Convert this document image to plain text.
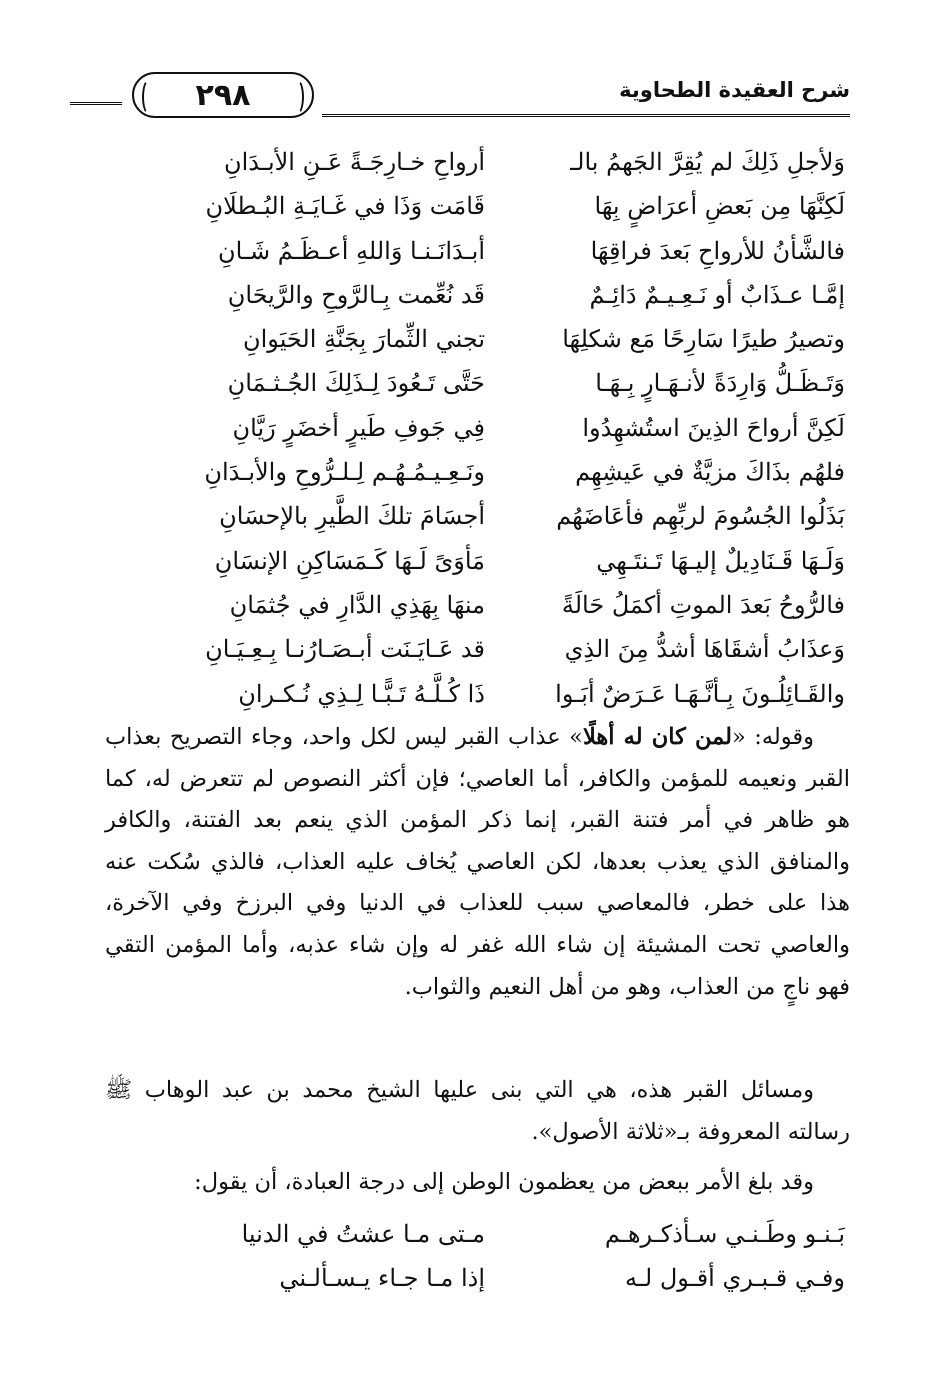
٢٩٨	شرح العقيدة الطحاوية
وَلأجلِ ذَلِكَ لم يُقِرَّ الجَهمُ بالـ
أرواحِ خـارِجَـةً عَـنِ الأبـدَانِ
لَكِنَّهَا مِن بَعضِ أعرَاضٍ بِهَا
قَامَت وَذَا في غَـايَـةِ البُـطلَانِ
فالشَّأنُ للأرواحِ بَعدَ فراقِهَا
أبـدَانَـنـا وَاللهِ أعـظَـمُ شَـانِ
إمَّـا عـذَابٌ أو نَـعِـيـمٌ دَائِـمٌ
قَد نُعِّمت بِـالرَّوحِ والرَّيحَانِ
وتصيرُ طيرًا سَارِحًا مَع شكلِهَا
تجني الثِّمارَ بِجَنَّةِ الحَيَوانِ
وَتَـظَـلُّ وَارِدَةً لأنـهَـارٍ بِـهَـا
حَتَّى تَـعُودَ لِـذَلِكَ الجُـثـمَانِ
لَكِنَّ أرواحَ الذِينَ استُشهِدُوا
فِي جَوفِ طَيرٍ أخضَرٍ رَيَّانِ
فلهُم بذَاكَ مزيَّةٌ في عَيشِهِم
ونَـعِـيـمُـهُـم لِـلـرُّوحِ والأبـدَانِ
بَذَلُوا الجُسُومَ لربِّهِم فأعَاضَهُم
أجسَامَ تلكَ الطَّيرِ بالإحسَانِ
وَلَـهَا قَـنَادِيلٌ إليـهَا تَـنتَـهِي
مَأوَىً لَـهَا كَـمَسَاكِنِ الإنسَانِ
فالرُّوحُ بَعدَ الموتِ أكمَلُ حَالَةً
منهَا بِهَذِي الدَّارِ في جُثمَانِ
وَعذَابُ أشقَاهَا أشدُّ مِنَ الذِي
قد عَـايَـنَت أبـصَـارُنـا بِـعِـيَـانِ
والقَـائِلُـونَ بِـأنَّـهَـا عَـرَضٌ أبَـوا
ذَا كُـلَّـهُ تَـبًّـا لِـذِي نُـكـرانِ

وقوله: «لمن كان له أهلًا» عذاب القبر ليس لكل واحد، وجاء التصريح بعذاب القبر ونعيمه للمؤمن والكافر، أما العاصي؛ فإن أكثر النصوص لم تتعرض له، كما هو ظاهر في أمر فتنة القبر، إنما ذكر المؤمن الذي ينعم بعد الفتنة، والكافر والمنافق الذي يعذب بعدها، لكن العاصي يُخاف عليه العذاب، فالذي سُكت عنه هذا على خطر، فالمعاصي سبب للعذاب في الدنيا وفي البرزخ وفي الآخرة، والعاصي تحت المشيئة إن شاء الله غفر له وإن شاء عذبه، وأما المؤمن التقي فهو ناجٍ من العذاب، وهو من أهل النعيم والثواب.

ومسائل القبر هذه، هي التي بنى عليها الشيخ محمد بن عبد الوهاب ﷺ رسالته المعروفة بـ«ثلاثة الأصول».

وقد بلغ الأمر ببعض من يعظمون الوطن إلى درجة العبادة، أن يقول:

بَـنـو وطَـنـي سـأذكـرهـم
مـتى مـا عشتُ في الدنيا
وفـي قـبـري أقـول لـه
إذا مـا جـاء يـسـألـني
